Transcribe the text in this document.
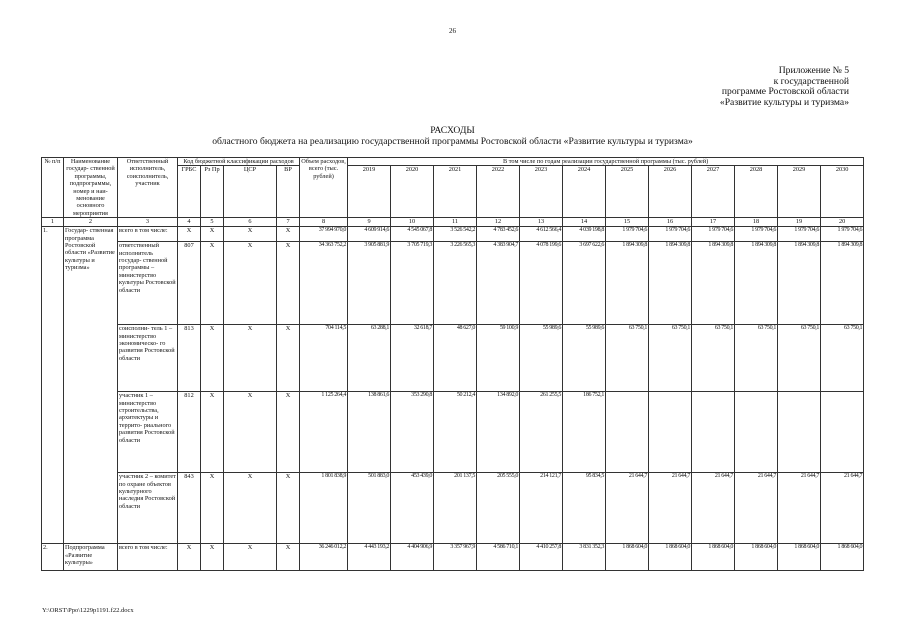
26
Приложение № 5
к государственной
программе Ростовской области
«Развитие культуры и туризма»
РАСХОДЫ
областного бюджета на реализацию государственной программы Ростовской области «Развитие культуры и туризма»
№ п/п	Наименование государ- ственной программы, подпрограммы, номер и наи- менование основного мероприятия	Ответственный исполнитель, соисполнитель, участник	Код бюджетной классификации расходов				Объем расходов, всего (тыс. рублей)	В том числе по годам реализации государственной программы (тыс. рублей)											
			ГРБС	Рз Пр	ЦСР	ВР		2019	2020	2021	2022	2023	2024	2025	2026	2027	2028	2029	2030

1	2	3	4	5	6	7	8	9	10	11	12	13	14	15	16	17	18	19	20
1.	Государ- ственная программа Ростовской области «Развитие культуры и туризма»	всего в том числе:	Х	Х	Х	Х	37 994 970,0	4 609 914,6	4 545 067,8	3 526 542,2	4 783 452,6	4 612 566,4	4 039 198,8	1 979 704,6	1 979 704,6	1 979 704,6	1 979 704,6	1 979 704,6	1 979 704,6
		ответственный исполнитель государ- ственной программы – министерство культуры Ростовской области	807	Х	Х	Х	34 363 752,2	3 905 881,9	3 705 719,3	3 226 565,3	4 383 904,7	4 078 199,6	3 697 622,6	1 894 309,8	1 894 309,8	1 894 309,8	1 894 309,8	1 894 309,8	1 894 309,8
		соисполни- тель 1 – министерство экономическо- го развития Ростовской области	813	Х	Х	Х	704 114,5	63 288,1	32 618,7	48 627,0	59 100,9	55 989,6	55 989,6	63 750,1	63 750,1	63 750,1	63 750,1	63 750,1	63 750,1
		участник 1 – министерство строительства, архитектуры и террито- риального развития Ростовской области	812	Х	Х	Х	1 125 264,4	138 861,6	353 290,8	50 212,4	134 892,0	261 255,5	186 752,1						
		участник 2 – комитет по охране объектов культурного наследия Ростовской области	843	Х	Х	Х	1 801 838,9	501 883,0	453 439,0	201 137,5	205 555,0	214 121,7	95 834,5	21 644,7	21 644,7	21 644,7	21 644,7	21 644,7	21 644,7
2.	Подпрограмма «Развитие культуры»	всего в том числе:	Х	Х	Х	Х	36 246 012,2	4 443 193,2	4 404 906,9	3 357 967,9	4 586 710,1	4 410 257,8	3 831 352,3	1 868 604,0	1 868 604,0	1 868 604,0	1 868 604,0	1 868 604,0	1 868 604,0
Y:\ORST\Ppo\1229p1191.f22.docx
